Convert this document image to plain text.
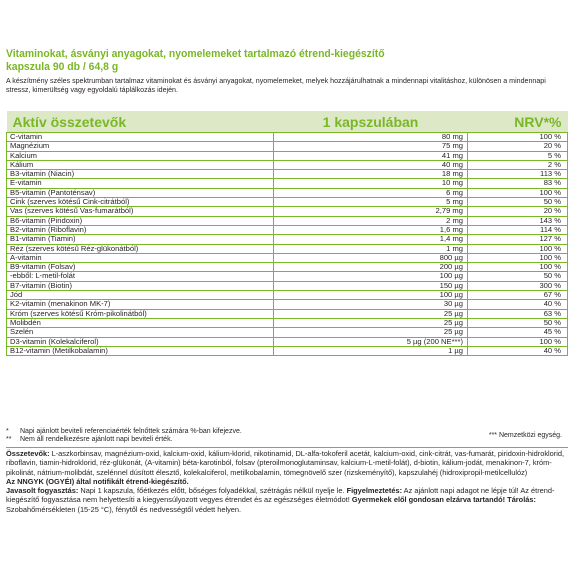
Vitaminokat, ásványi anyagokat, nyomelemeket tartalmazó étrend-kiegészítő
kapszula 90 db / 64,8 g
A készítmény széles spektrumban tartalmaz vitaminokat és ásványi anyagokat, nyomelemeket, melyek hozzájárulhatnak a mindennapi vitalitáshoz, különösen a mindennapi stressz, kimerültség vagy egyoldalú táplálkozás idején.
Aktív összetevők	1 kapszulában	NRV*%
C-vitamin	80 mg	100 %
Magnézium	75 mg	20 %
Kalcium	41 mg	5 %
Kálium	40 mg	2 %
B3-vitamin (Niacin)	18 mg	113 %
E-vitamin	10 mg	83 %
B5-vitamin (Pantoténsav)	6 mg	100 %
Cink (szerves kötésű Cink-citrátból)	5 mg	50 %
Vas (szerves kötésű Vas-fumarátból)	2,79 mg	20 %
B6-vitamin (Piridoxin)	2 mg	143 %
B2-vitamin (Riboflavin)	1,6 mg	114 %
B1-vitamin (Tiamin)	1,4 mg	127 %
Réz (szerves kötésű Réz-glükonátból)	1 mg	100 %
A-vitamin	800 µg	100 %
B9-vitamin (Folsav)	200 µg	100 %
-ebből: L-metil-folát	100 µg	50 %
B7-vitamin (Biotin)	150 µg	300 %
Jód	100 µg	67 %
K2-vitamin (menakinon MK-7)	30 µg	40 %
Króm (szerves kötésű Króm-pikolinátból)	25 µg	63 %
Molibdén	25 µg	50 %
Szelén	25 µg	45 %
D3-vitamin (Kolekalciferol)	5 µg (200 NE***)	100 %
B12-vitamin (Metilkobalamin)	1 µg	40 %
* Napi ajánlott beviteli referenciaérték felnőttek számára %-ban kifejezve.
** Nem áll rendelkezésre ajánlott napi beviteli érték.
*** Nemzetközi egység.

Összetevők: L-aszkorbinsav, magnézium-oxid, kalcium-oxid, kálium-klorid, nikotinamid, DL-alfa-tokoferil acetát, kalcium-oxid, cink-citrát, vas-fumarát, piridoxin-hidroklorid, riboflavin, tiamin-hidroklorid, réz-glükonát, (A-vitamin) béta-karotinból, folsav (pteroilmonoglutaminsav, kalcium-L-metil-folát), d-biotin, kálium-jodát, menakinon-7, króm-pikolinát, nátrium-molibdát, szelénnel dúsított élesztő, kolekalciferol, metilkobalamin, tömegnövelő szer (rizskeményítő), kapszulahéj (hidroxipropil-metilcellulóz)

Az NNGYK (OGYÉI) által notifikált étrend-kiegészítő.

Javasolt fogyasztás: Napi 1 kapszula, főétkezés előtt, bőséges folyadékkal, szétrágás nélkül nyelje le. Figyelmeztetés: Az ajánlott napi adagot ne lépje túl! Az étrend-kiegészítő fogyasztása nem helyettesíti a kiegyensúlyozott vegyes étrendet és az egészséges életmódot! Gyermekek elől gondosan elzárva tartandó! Tárolás: Szobahőmérsékleten (15-25 °C), fénytől és nedvességtől védett helyen.
